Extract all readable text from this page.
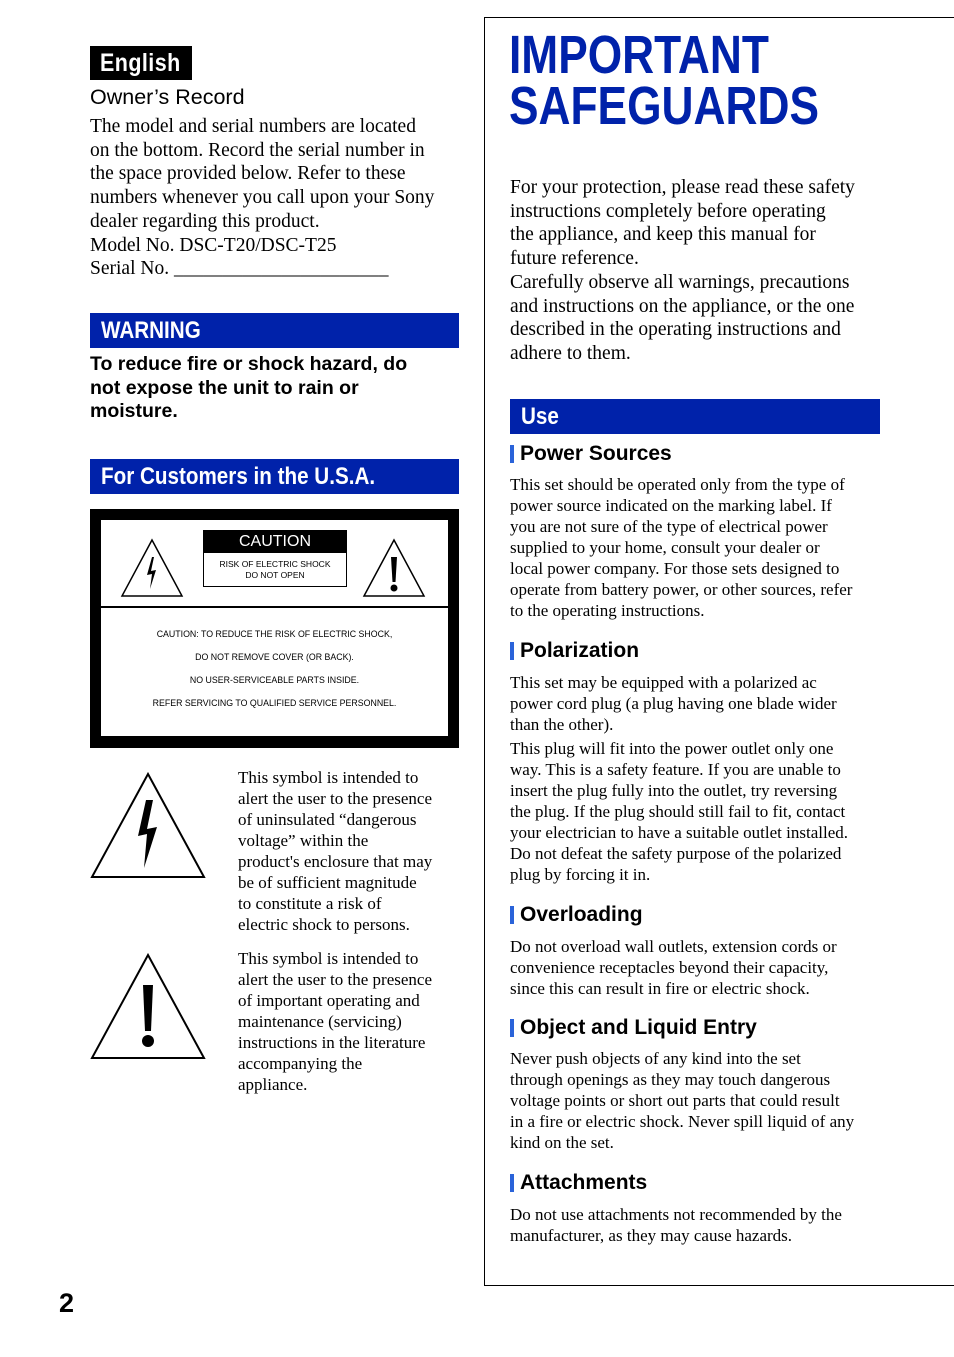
English
Owner’s Record

The model and serial numbers are located

on the bottom. Record the serial number in

the space provided below. Refer to these

numbers whenever you call upon your Sony

dealer regarding this product.

Model No. DSC-T20/DSC-T25

Serial No. ______________________

WARNING

To reduce fire or shock hazard, do

not expose the unit to rain or

moisture.

For Customers in the U.S.A.
CAUTION
RISK OF ELECTRIC SHOCK
DO NOT OPEN
CAUTION: TO REDUCE THE RISK OF ELECTRIC SHOCK,
DO NOT REMOVE COVER (OR BACK).
NO USER-SERVICEABLE PARTS INSIDE.
REFER SERVICING TO QUALIFIED SERVICE PERSONNEL.

This symbol is intended to

alert the user to the presence

of uninsulated “dangerous

voltage” within the

product's enclosure that may

be of sufficient magnitude

to constitute a risk of

electric shock to persons.

This symbol is intended to

alert the user to the presence

of important operating and

maintenance (servicing)

instructions in the literature

accompanying the

appliance.

2
IMPORTANT
SAFEGUARDS

For your protection, please read these safety

instructions completely before operating

the appliance, and keep this manual for

future reference.

Carefully observe all warnings, precautions

and instructions on the appliance, or the one

described in the operating instructions and

adhere to them.

Use
Power Sources

This set should be operated only from the type of

power source indicated on the marking label. If

you are not sure of the type of electrical power

supplied to your home, consult your dealer or

local power company. For those sets designed to

operate from battery power, or other sources, refer

to the operating instructions.

Polarization

This set may be equipped with a polarized ac

power cord plug (a plug having one blade wider

than the other).

This plug will fit into the power outlet only one

way. This is a safety feature. If you are unable to

insert the plug fully into the outlet, try reversing

the plug. If the plug should still fail to fit, contact

your electrician to have a suitable outlet installed.

Do not defeat the safety purpose of the polarized

plug by forcing it in.

Overloading

Do not overload wall outlets, extension cords or

convenience receptacles beyond their capacity,

since this can result in fire or electric shock.

Object and Liquid Entry

Never push objects of any kind into the set

through openings as they may touch dangerous

voltage points or short out parts that could result

in a fire or electric shock. Never spill liquid of any

kind on the set.

Attachments

Do not use attachments not recommended by the

manufacturer, as they may cause hazards.
